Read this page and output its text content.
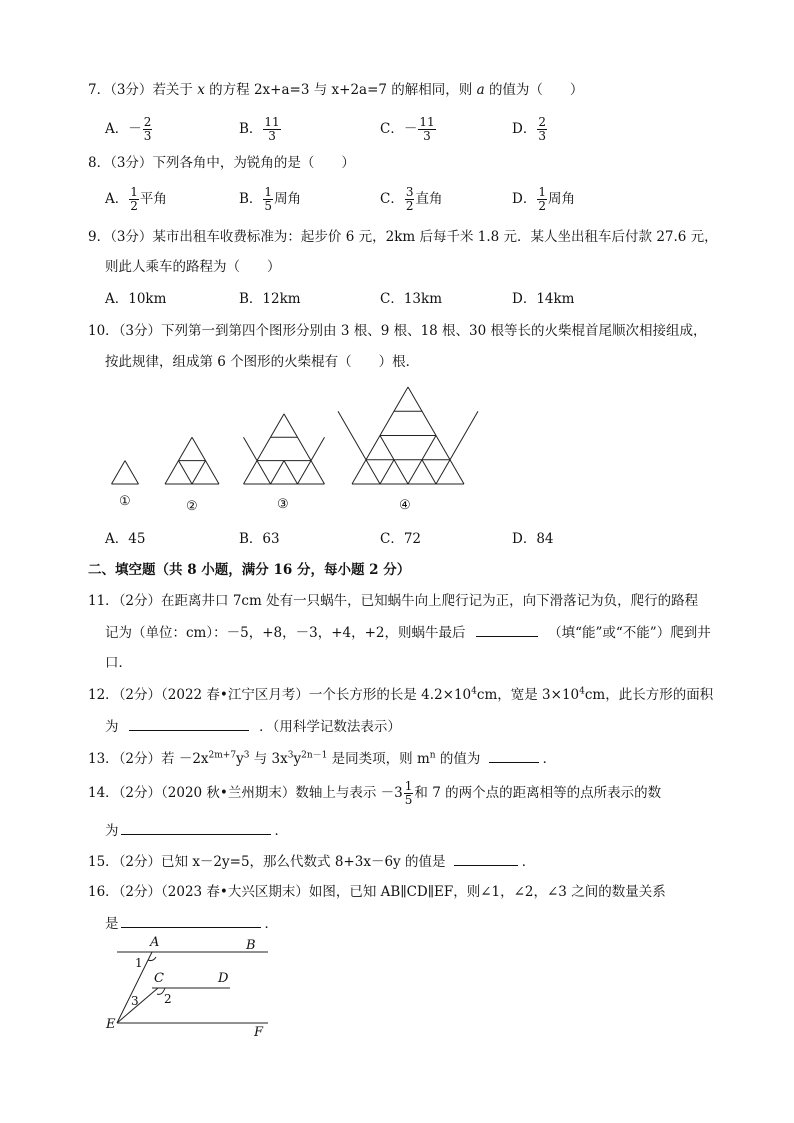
7．（3分）若关于 x 的方程 2x+a=3 与 x+2a=7 的解相同，则 a 的值为（　　）
A．－ $\frac{2}{3}$	B． $\frac{11}{3}$	C．－ $\frac{11}{3}$	D． $\frac{2}{3}$
8．（3分）下列各角中，为锐角的是（　　）
A． $\frac{1}{2}$ 平角	B． $\frac{1}{5}$ 周角	C． $\frac{3}{2}$ 直角	D． $\frac{1}{2}$ 周角
9．（3分）某市出租车收费标准为：起步价 6 元，2km 后每千米 1.8 元．某人坐出租车后付款 27.6 元，
则此人乘车的路程为（　　）
A．10km	B．12km	C．13km	D．14km
10．（3分）下列第一到第四个图形分别由 3 根、9 根、18 根、30 根等长的火柴棍首尾顺次相接组成，
按此规律，组成第 6 个图形的火柴棍有（　　）根．
①	②	③	④
A．45	B．63	C．72	D．84
二、填空题（共 8 小题，满分 16 分，每小题 2 分）
11．（2分）在距离井口 7cm 处有一只蜗牛，已知蜗牛向上爬行记为正，向下滑落记为负，爬行的路程
记为（单位：cm）：－5，+8，－3，+4，+2，则蜗牛最后	（填“能”或“不能”）爬到井
口．
12．（2分）（2022 春•江宁区月考）一个长方形的长是 $4.2\times 10^4cm$，宽是 $3\times 10^4cm$，此长方形的面积
为	．（用科学记数法表示）
13．（2分）若 $-2x^{2m+7}y^3$ 与 $3x^3y^{2n-1}$ 是同类项，则 $m^n$ 的值为	．
14．（2分）（2020 秋•兰州期末）数轴上与表示 $-3 \frac{1}{5}$ 和 7 的两个点的距离相等的点所表示的数
为	．
15．（2分）已知 x－2y=5，那么代数式 8+3x－6y 的值是	．
16．（2分）（2023 春•大兴区期末）如图，已知 AB∥CD∥EF，则∠1，∠2，∠3 之间的数量关系
是	．
A	B
C	D
E
F
1
2
3
